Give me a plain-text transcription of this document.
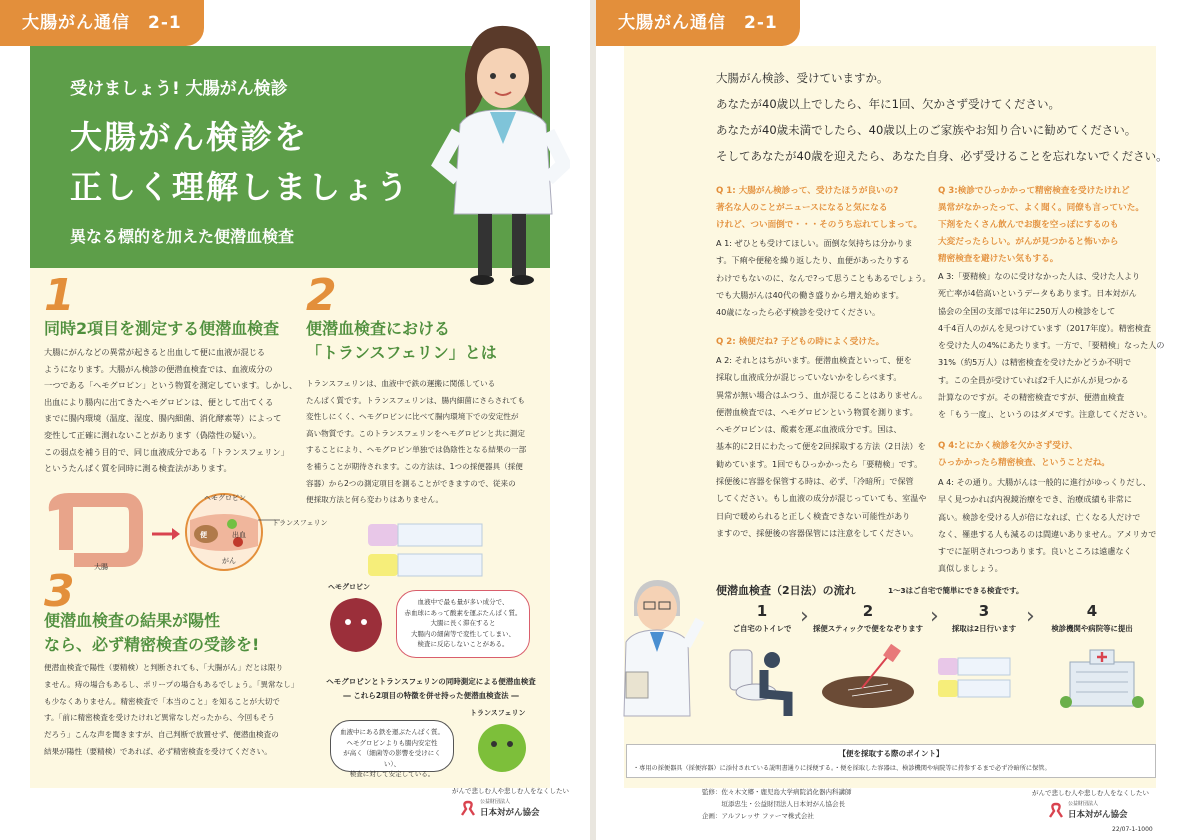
大腸がん通信　2-1
受けましょう! 大腸がん検診
大腸がん検診を
正しく理解しましょう
異なる標的を加えた便潜血検査
1
同時2項目を測定する便潜血検査
大腸にがんなどの異常が起きると出血して便に血液が混じる
ようになります。大腸がん検診の便潜血検査では、血液成分の
一つである「ヘモグロビン」という物質を測定しています。しかし、
出血により腸内に出てきたヘモグロビンは、便として出てくる
までに腸内環境（温度、湿度、腸内細菌、消化酵素等）によって
変性して正確に測れないことがあります（偽陰性の疑い）。
この弱点を補う目的で、同じ血液成分である「トランスフェリン」
というたんぱく質を同時に測る検査法があります。
2
便潜血検査における
「トランスフェリン」とは
トランスフェリンは、血液中で鉄の運搬に関係している
たんぱく質です。トランスフェリンは、腸内細菌にさらされても
変性しにくく、ヘモグロビンに比べて腸内環境下での安定性が
高い物質です。このトランスフェリンをヘモグロビンと共に測定
することにより、ヘモグロビン単独では偽陰性となる結果の一部
を補うことが期待されます。この方法は、1つの採便器具（採便
容器）から2つの測定項目を測ることができますので、従来の
便採取方法と何ら変わりはありません。
ヘモグロビン
トランスフェリン
便	出血
がん
大腸
3
便潜血検査の結果が陽性
なら、必ず精密検査の受診を!
便潜血検査で陽性（要精検）と判断されても、「大腸がん」だとは限り
ません。痔の場合もあるし、ポリープの場合もあるでしょう。「異常なし」
も少なくありません。精密検査で「本当のこと」を知ることが大切で
す。「前に精密検査を受けたけれど異常なしだったから、今回もそう
だろう」こんな声を聞きますが、自己判断で放置せず、便潜血検査の
結果が陽性（要精検）であれば、必ず精密検査を受けてください。
ヘモグロビン
血液中で最も量が多い成分で、
赤血球にあって酸素を運ぶたんぱく質。
大腸に長く滞在すると
大腸内の細菌等で変性してしまい、
検査に反応しないことがある。
ヘモグロビンとトランスフェリンの同時測定による便潜血検査
― これら2項目の特徴を併せ持った便潜血検査法 ―
血液中にある鉄を運ぶたんぱく質。
ヘモグロビンよりも腸内安定性
が高く（細菌等の影響を受けにくい）、
検査に対して安定している。
トランスフェリン
がんで悲しむ人や悲しむ人をなくしたい
公益財団法人
日本対がん協会
大腸がん通信　2-1
大腸がん検診、受けていますか。
あなたが40歳以上でしたら、年に1回、欠かさず受けてください。
あなたが40歳未満でしたら、40歳以上のご家族やお知り合いに勧めてください。
そしてあなたが40歳を迎えたら、あなた自身、必ず受けることを忘れないでください。
Q 1: 大腸がん検診って、受けたほうが良いの?
著名な人のことがニュースになると気になる
けれど、つい面倒で・・・そのうち忘れてしまって。
A 1: ぜひとも受けてほしい。面倒な気持ちは分かりま
す。下痢や便秘を繰り返したり、血便があったりする
わけでもないのに、なんで?って思うこともあるでしょう。
でも大腸がんは40代の働き盛りから増え始めます。
40歳になったら必ず検診を受けてください。
Q 2: 検便だね? 子どもの時によく受けた。
A 2: それとはちがいます。便潜血検査といって、便を
採取し血液成分が混じっていないかをしらべます。
異常が無い場合はふつう、血が混じることはありません。
便潜血検査では、ヘモグロビンという物質を測ります。
ヘモグロビンは、酸素を運ぶ血液成分です。国は、
基本的に2日にわたって便を2回採取する方法（2日法）を
勧めています。1回でもひっかかったら「要精検」です。
採便後に容器を保管する時は、必ず、「冷暗所」で保管
してください。もし血液の成分が混じっていても、室温や
日向で暖められると正しく検査できない可能性があり
ますので、採便後の容器保管には注意をしてください。
Q 3:検診でひっかかって精密検査を受けたけれど
異常がなかったって、よく聞く。同僚も言っていた。
下剤をたくさん飲んでお腹を空っぽにするのも
大変だったらしい。がんが見つかると怖いから
精密検査を避けたい気もする。
A 3:「要精検」なのに受けなかった人は、受けた人より
死亡率が4倍高いというデータもあります。日本対がん
協会の全国の支部では年に250万人の検診をして
4千4百人のがんを見つけています（2017年度）。精密検査
を受けた人の4%にあたります。一方で、「要精検」なった人の
31%（約5万人）は精密検査を受けたかどうか不明で
す。この全員が受けていれば2千人にがんが見つかる
計算なのですが。その精密検査ですが、便潜血検査
を「もう一度」、というのはダメです。注意してください。
Q 4:とにかく検診を欠かさず受け、
ひっかかったら精密検査、ということだね。
A 4: その通り。大腸がんは一般的に進行がゆっくりだし、
早く見つかれば内視鏡治療をでき、治療成績も非常に
高い。検診を受ける人が倍になれば、亡くなる人だけで
なく、罹患する人も減るのは間違いありません。アメリカで
すでに証明されつつあります。良いところは遠慮なく
真似しましょう。
便潜血検査（2日法）の流れ	1〜3はご自宅で簡単にできる検査です。
1
ご自宅のトイレで ›	2
採便スティックで便をなぞります ›	3
採取は2日行います ›	4
検診機関や病院等に提出
【便を採取する際のポイント】
・専用の採便器具（採便容器）に添付されている説明書通りに採便する。・便を採取した容器は、検診機関や病院等に持参するまで必ず冷暗所に保管。
監修：佐々木文郷・鹿児島大学病院消化器内科講師
　　　垣添忠生・公益財団法人日本対がん協会長
企画：アルフレッサ ファーマ株式会社
がんで悲しむ人や悲しむ人をなくしたい
公益財団法人
日本対がん協会
22/07-1-1000
